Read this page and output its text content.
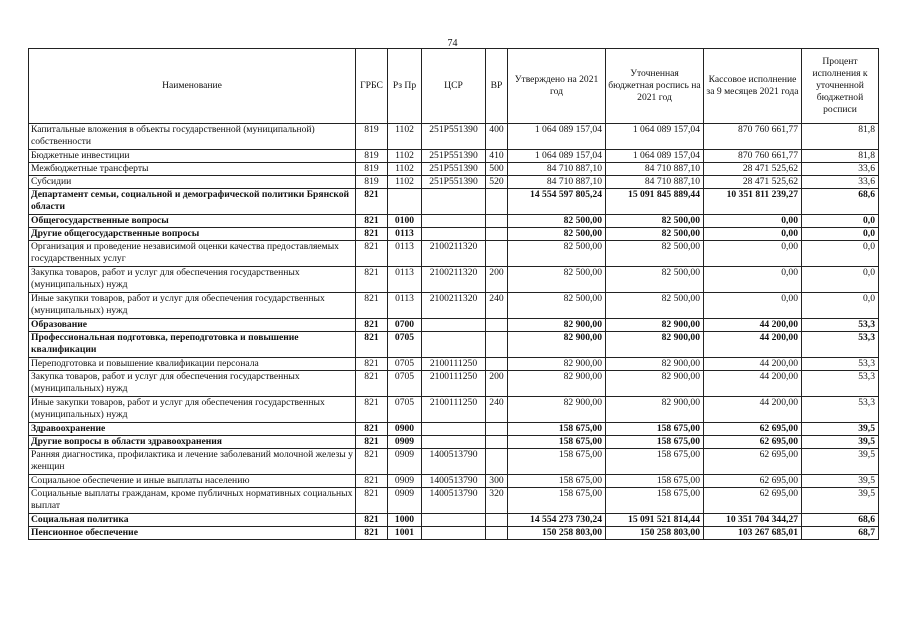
74
Наименование	ГРБС	Рз Пр	ЦСР	ВР	Утверждено на 2021 год	Уточненная бюджетная роспись на 2021 год	Кассовое исполнение за 9 месяцев 2021 года	Процент исполнения к уточненной бюджетной росписи
Капитальные вложения в объекты государственной (муниципальной) собственности	819	1102	251P551390	400	1 064 089 157,04	1 064 089 157,04	870 760 661,77	81,8
Бюджетные инвестиции	819	1102	251P551390	410	1 064 089 157,04	1 064 089 157,04	870 760 661,77	81,8
Межбюджетные трансферты	819	1102	251P551390	500	84 710 887,10	84 710 887,10	28 471 525,62	33,6
Субсидии	819	1102	251P551390	520	84 710 887,10	84 710 887,10	28 471 525,62	33,6
Департамент семьи, социальной и демографической политики Брянской области	821				14 554 597 805,24	15 091 845 889,44	10 351 811 239,27	68,6
Общегосударственные вопросы	821	0100			82 500,00	82 500,00	0,00	0,0
Другие общегосударственные вопросы	821	0113			82 500,00	82 500,00	0,00	0,0
Организация и проведение независимой оценки качества предоставляемых государственных услуг	821	0113	2100211320		82 500,00	82 500,00	0,00	0,0
Закупка товаров, работ и услуг для обеспечения государственных (муниципальных) нужд	821	0113	2100211320	200	82 500,00	82 500,00	0,00	0,0
Иные закупки товаров, работ и услуг для обеспечения государственных (муниципальных) нужд	821	0113	2100211320	240	82 500,00	82 500,00	0,00	0,0
Образование	821	0700			82 900,00	82 900,00	44 200,00	53,3
Профессиональная подготовка, переподготовка и повышение квалификации	821	0705			82 900,00	82 900,00	44 200,00	53,3
Переподготовка и повышение квалификации персонала	821	0705	2100111250		82 900,00	82 900,00	44 200,00	53,3
Закупка товаров, работ и услуг для обеспечения государственных (муниципальных) нужд	821	0705	2100111250	200	82 900,00	82 900,00	44 200,00	53,3
Иные закупки товаров, работ и услуг для обеспечения государственных (муниципальных) нужд	821	0705	2100111250	240	82 900,00	82 900,00	44 200,00	53,3
Здравоохранение	821	0900			158 675,00	158 675,00	62 695,00	39,5
Другие вопросы в области здравоохранения	821	0909			158 675,00	158 675,00	62 695,00	39,5
Ранняя диагностика, профилактика и лечение заболеваний молочной железы у женщин	821	0909	1400513790		158 675,00	158 675,00	62 695,00	39,5
Социальное обеспечение и иные выплаты населению	821	0909	1400513790	300	158 675,00	158 675,00	62 695,00	39,5
Социальные выплаты гражданам, кроме публичных нормативных социальных выплат	821	0909	1400513790	320	158 675,00	158 675,00	62 695,00	39,5
Социальная политика	821	1000			14 554 273 730,24	15 091 521 814,44	10 351 704 344,27	68,6
Пенсионное обеспечение	821	1001			150 258 803,00	150 258 803,00	103 267 685,01	68,7
